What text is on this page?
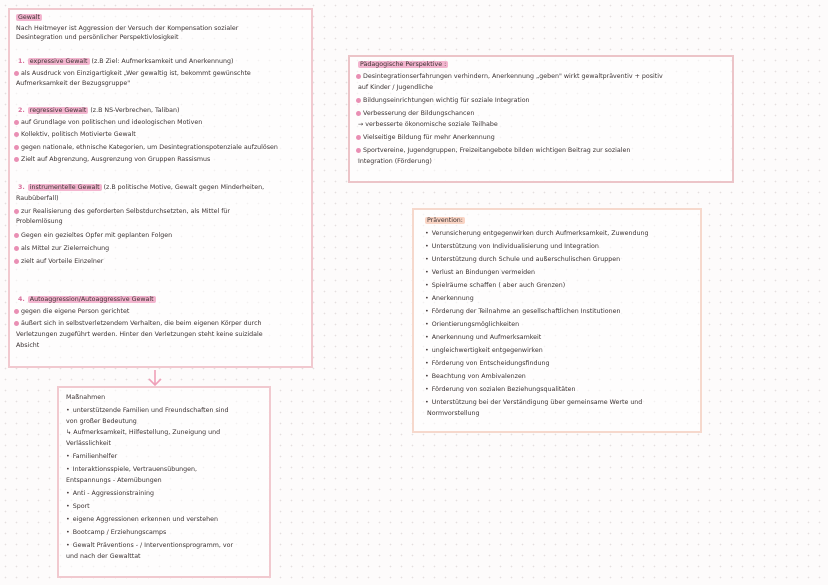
Gewalt
Nach Heitmeyer ist Aggression der Versuch der Kompensation sozialer
Desintegration und persönlicher Perspektivlosigkeit
1. expressive Gewalt (z.B Ziel: Aufmerksamkeit und Anerkennung)
als Ausdruck von Einzigartigkeit „Wer gewaltig ist, bekommt gewünschte
Aufmerksamkeit der Bezugsgruppe"
2. regressive Gewalt (z.B NS-Verbrechen, Taliban)
auf Grundlage von politischen und ideologischen Motiven
Kollektiv, politisch Motivierte Gewalt
gegen nationale, ethnische Kategorien, um Desintegrationspotenziale aufzulösen
Zielt auf Abgrenzung, Ausgrenzung von Gruppen Rassismus
3. instrumentelle Gewalt (z.B politische Motive, Gewalt gegen Minderheiten,
Raubüberfall)
zur Realisierung des geforderten Selbstdurchsetzten, als Mittel für
Problemlösung
Gegen ein gezieltes Opfer mit geplanten Folgen
als Mittel zur Zielerreichung
zielt auf Vorteile Einzelner
4. Autoaggression/Autoaggressive Gewalt
gegen die eigene Person gerichtet
äußert sich in selbstverletzendem Verhalten, die beim eigenen Körper durch
Verletzungen zugeführt werden. Hinter den Verletzungen steht keine suizidale
Absicht
Maßnahmen
• unterstützende Familien und Freundschaften sind
von großer Bedeutung
↳ Aufmerksamkeit, Hilfestellung, Zuneigung und
Verlässlichkeit
• Familienhelfer
• Interaktionsspiele, Vertrauensübungen,
Entspannungs - Atemübungen
• Anti - Aggressionstraining
• Sport
• eigene Aggressionen erkennen und verstehen
• Bootcamp / Erziehungscamps
• Gewalt Präventions - / Interventionsprogramm, vor
und nach der Gewalttat
Pädagogische Perspektive :
Desintegrationserfahrungen verhindern, Anerkennung „geben" wirkt gewaltpräventiv + positiv
auf Kinder / Jugendliche
Bildungseinrichtungen wichtig für soziale Integration
Verbesserung der Bildungschancen
→ verbesserte ökonomische soziale Teilhabe
Vielseitige Bildung für mehr Anerkennung
Sportvereine, Jugendgruppen, Freizeitangebote bilden wichtigen Beitrag zur sozialen
Integration (Förderung)
Prävention:
• Verunsicherung entgegenwirken durch Aufmerksamkeit, Zuwendung
• Unterstützung von Individualisierung und Integration
• Unterstützung durch Schule und außerschulischen Gruppen
• Verlust an Bindungen vermeiden
• Spielräume schaffen ( aber auch Grenzen)
• Anerkennung
• Förderung der Teilnahme an gesellschaftlichen Institutionen
• Orientierungsmöglichkeiten
• Anerkennung und Aufmerksamkeit
• ungleichwertigkeit entgegenwirken
• Förderung von Entscheidungsfindung
• Beachtung von Ambivalenzen
• Förderung von sozialen Beziehungsqualitäten
• Unterstützung bei der Verständigung über gemeinsame Werte und
Normvorstellung
